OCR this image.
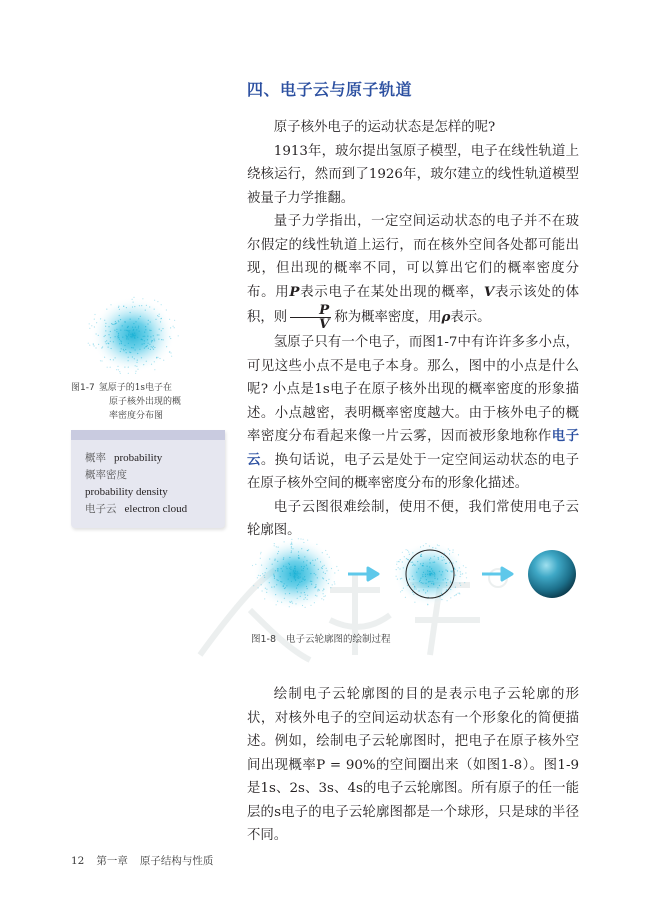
四、电子云与原子轨道

原子核外电子的运动状态是怎样的呢?

1913年，玻尔提出氢原子模型，电子在线性轨道上绕核运行，然而到了1926年，玻尔建立的线性轨道模型被量子力学推翻。

量子力学指出，一定空间运动状态的电子并不在玻尔假定的线性轨道上运行，而在核外空间各处都可能出现，但出现的概率不同，可以算出它们的概率密度分布。用P表示电子在某处出现的概率，V表示该处的体积，则 $\frac{P}{V}$ 称为概率密度，用ρ表示。

氢原子只有一个电子，而图1-7中有许许多多小点，可见这些小点不是电子本身。那么，图中的小点是什么呢? 小点是1s电子在原子核外出现的概率密度的形象描述。小点越密，表明概率密度越大。由于核外电子的概率密度分布看起来像一片云雾，因而被形象地称作电子云。换句话说，电子云是处于一定空间运动状态的电子在原子核外空间的概率密度分布的形象化描述。

电子云图很难绘制，使用不便，我们常使用电子云轮廓图。

图1-7 氢原子的1s电子在
原子核外出现的概
率密度分布图
概率 probability
概率密度
probability density
电子云 electron cloud
图1-8 电子云轮廓图的绘制过程

绘制电子云轮廓图的目的是表示电子云轮廓的形状，对核外电子的空间运动状态有一个形象化的简便描述。例如，绘制电子云轮廓图时，把电子在原子核外空间出现概率P = 90%的空间圈出来（如图1-8）。图1-9是1s、2s、3s、4s的电子云轮廓图。所有原子的任一能层的s电子的电子云轮廓图都是一个球形，只是球的半径不同。

12 第一章 原子结构与性质
